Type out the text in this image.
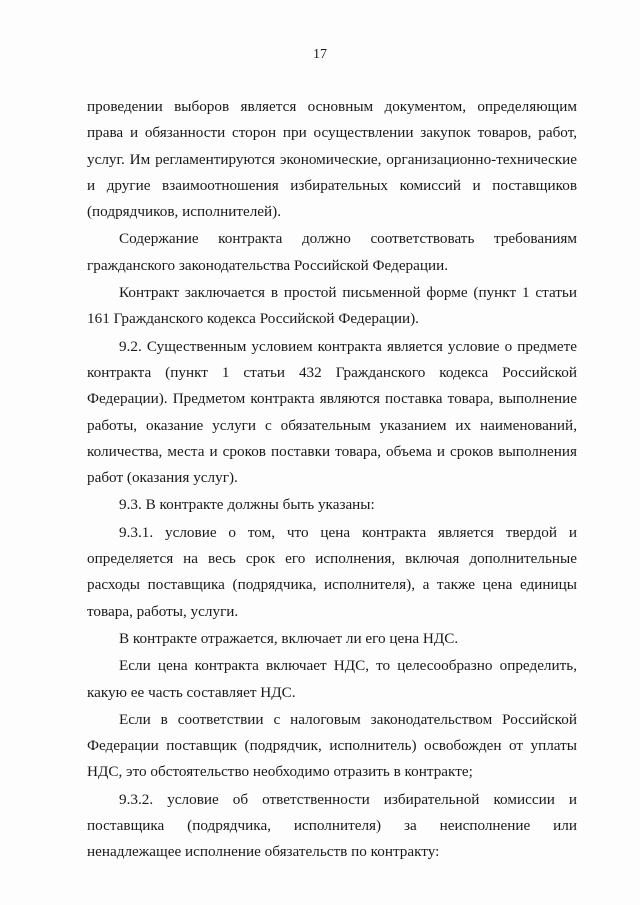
17

проведении выборов является основным документом, определяющим права и обязанности сторон при осуществлении закупок товаров, работ, услуг. Им регламентируются экономические, организационно-технические и другие взаимоотношения избирательных комиссий и поставщиков (подрядчиков, исполнителей).

Содержание контракта должно соответствовать требованиям гражданского законодательства Российской Федерации.

Контракт заключается в простой письменной форме (пункт 1 статьи 161 Гражданского кодекса Российской Федерации).

9.2. Существенным условием контракта является условие о предмете контракта (пункт 1 статьи 432 Гражданского кодекса Российской Федерации). Предметом контракта являются поставка товара, выполнение работы, оказание услуги с обязательным указанием их наименований, количества, места и сроков поставки товара, объема и сроков выполнения работ (оказания услуг).

9.3. В контракте должны быть указаны:

9.3.1. условие о том, что цена контракта является твердой и определяется на весь срок его исполнения, включая дополнительные расходы поставщика (подрядчика, исполнителя), а также цена единицы товара, работы, услуги.

В контракте отражается, включает ли его цена НДС.

Если цена контракта включает НДС, то целесообразно определить, какую ее часть составляет НДС.

Если в соответствии с налоговым законодательством Российской Федерации поставщик (подрядчик, исполнитель) освобожден от уплаты НДС, это обстоятельство необходимо отразить в контракте;

9.3.2. условие об ответственности избирательной комиссии и поставщика (подрядчика, исполнителя) за неисполнение или ненадлежащее исполнение обязательств по контракту:
